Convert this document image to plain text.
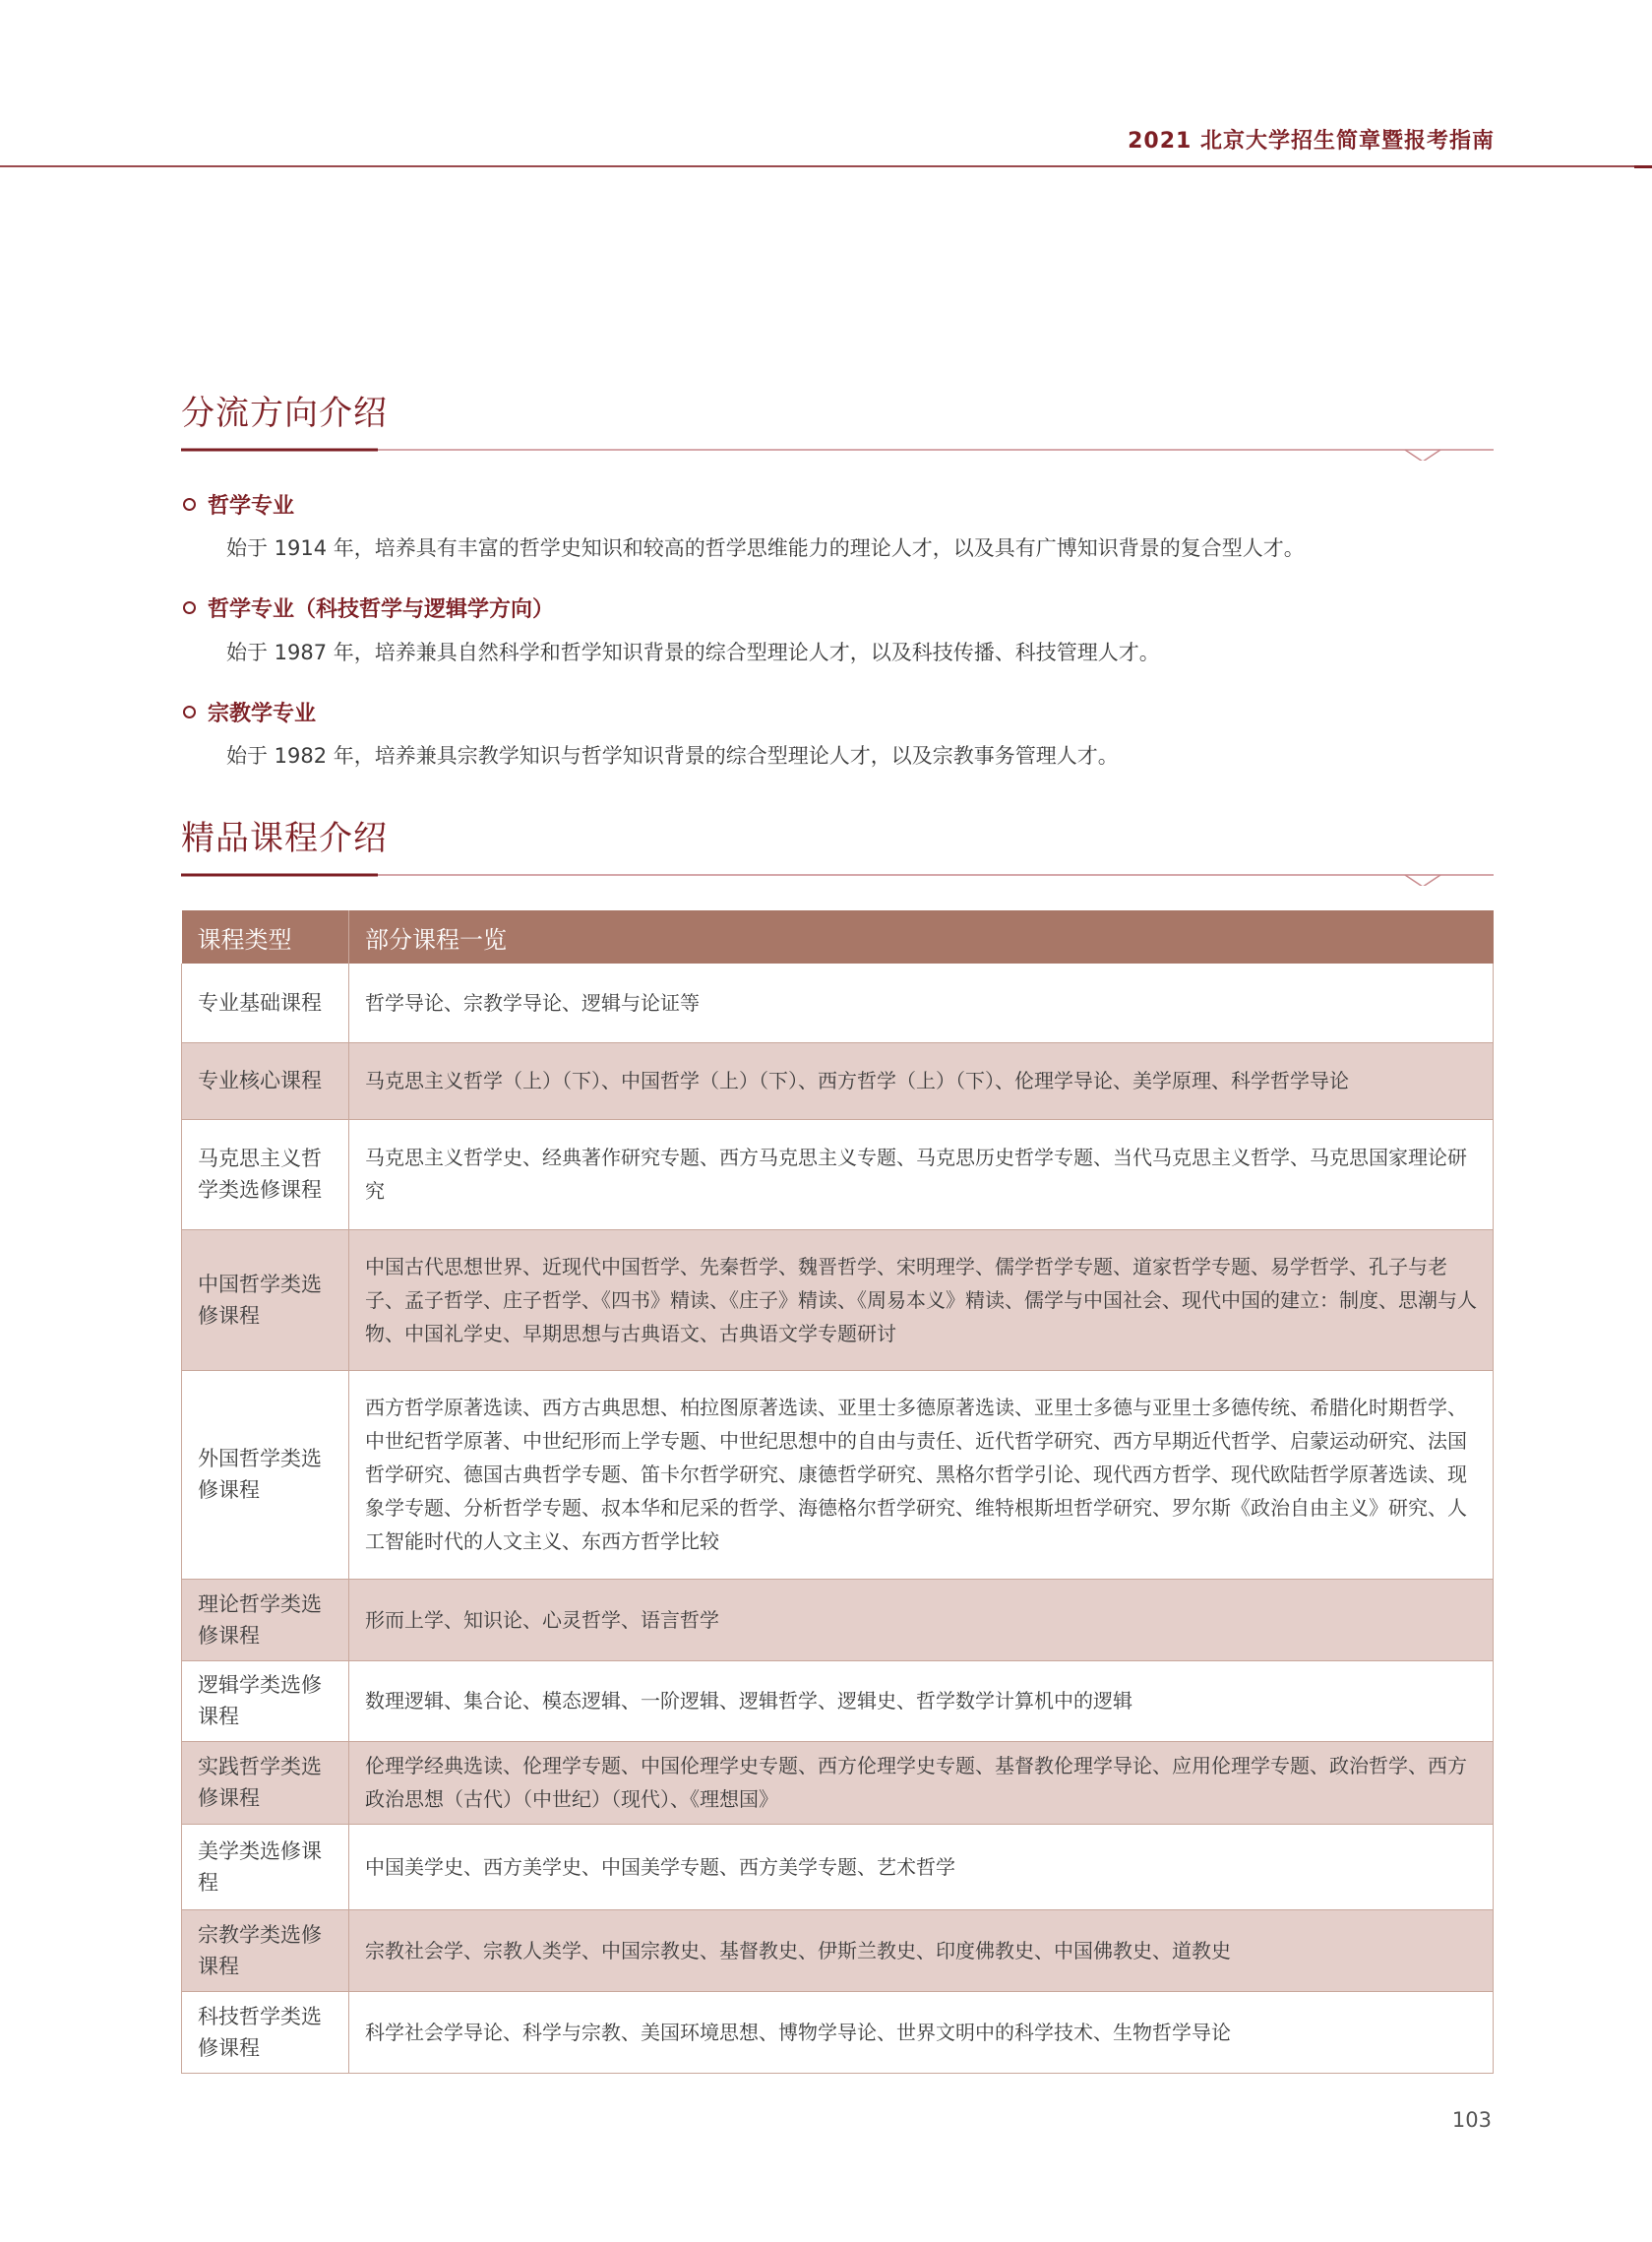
2021 北京大学招生简章暨报考指南
分流方向介绍
哲学专业
始于 1914 年，培养具有丰富的哲学史知识和较高的哲学思维能力的理论人才，以及具有广博知识背景的复合型人才。
哲学专业（科技哲学与逻辑学方向）
始于 1987 年，培养兼具自然科学和哲学知识背景的综合型理论人才，以及科技传播、科技管理人才。
宗教学专业
始于 1982 年，培养兼具宗教学知识与哲学知识背景的综合型理论人才，以及宗教事务管理人才。
精品课程介绍
课程类型	部分课程一览
专业基础课程	哲学导论、宗教学导论、逻辑与论证等
专业核心课程	马克思主义哲学（上）（下）、中国哲学（上）（下）、西方哲学（上）（下）、伦理学导论、美学原理、科学哲学导论
马克思主义哲学类选修课程	马克思主义哲学史、经典著作研究专题、西方马克思主义专题、马克思历史哲学专题、当代马克思主义哲学、马克思国家理论研究
中国哲学类选修课程	中国古代思想世界、近现代中国哲学、先秦哲学、魏晋哲学、宋明理学、儒学哲学专题、道家哲学专题、易学哲学、孔子与老子、孟子哲学、庄子哲学、《四书》精读、《庄子》精读、《周易本义》精读、儒学与中国社会、现代中国的建立：制度、思潮与人物、中国礼学史、早期思想与古典语文、古典语文学专题研讨
外国哲学类选修课程	西方哲学原著选读、西方古典思想、柏拉图原著选读、亚里士多德原著选读、亚里士多德与亚里士多德传统、希腊化时期哲学、中世纪哲学原著、中世纪形而上学专题、中世纪思想中的自由与责任、近代哲学研究、西方早期近代哲学、启蒙运动研究、法国哲学研究、德国古典哲学专题、笛卡尔哲学研究、康德哲学研究、黑格尔哲学引论、现代西方哲学、现代欧陆哲学原著选读、现象学专题、分析哲学专题、叔本华和尼采的哲学、海德格尔哲学研究、维特根斯坦哲学研究、罗尔斯《政治自由主义》研究、人工智能时代的人文主义、东西方哲学比较
理论哲学类选修课程	形而上学、知识论、心灵哲学、语言哲学
逻辑学类选修课程	数理逻辑、集合论、模态逻辑、一阶逻辑、逻辑哲学、逻辑史、哲学数学计算机中的逻辑
实践哲学类选修课程	伦理学经典选读、伦理学专题、中国伦理学史专题、西方伦理学史专题、基督教伦理学导论、应用伦理学专题、政治哲学、西方政治思想（古代）（中世纪）（现代）、《理想国》
美学类选修课程	中国美学史、西方美学史、中国美学专题、西方美学专题、艺术哲学
宗教学类选修课程	宗教社会学、宗教人类学、中国宗教史、基督教史、伊斯兰教史、印度佛教史、中国佛教史、道教史
科技哲学类选修课程	科学社会学导论、科学与宗教、美国环境思想、博物学导论、世界文明中的科学技术、生物哲学导论
103
